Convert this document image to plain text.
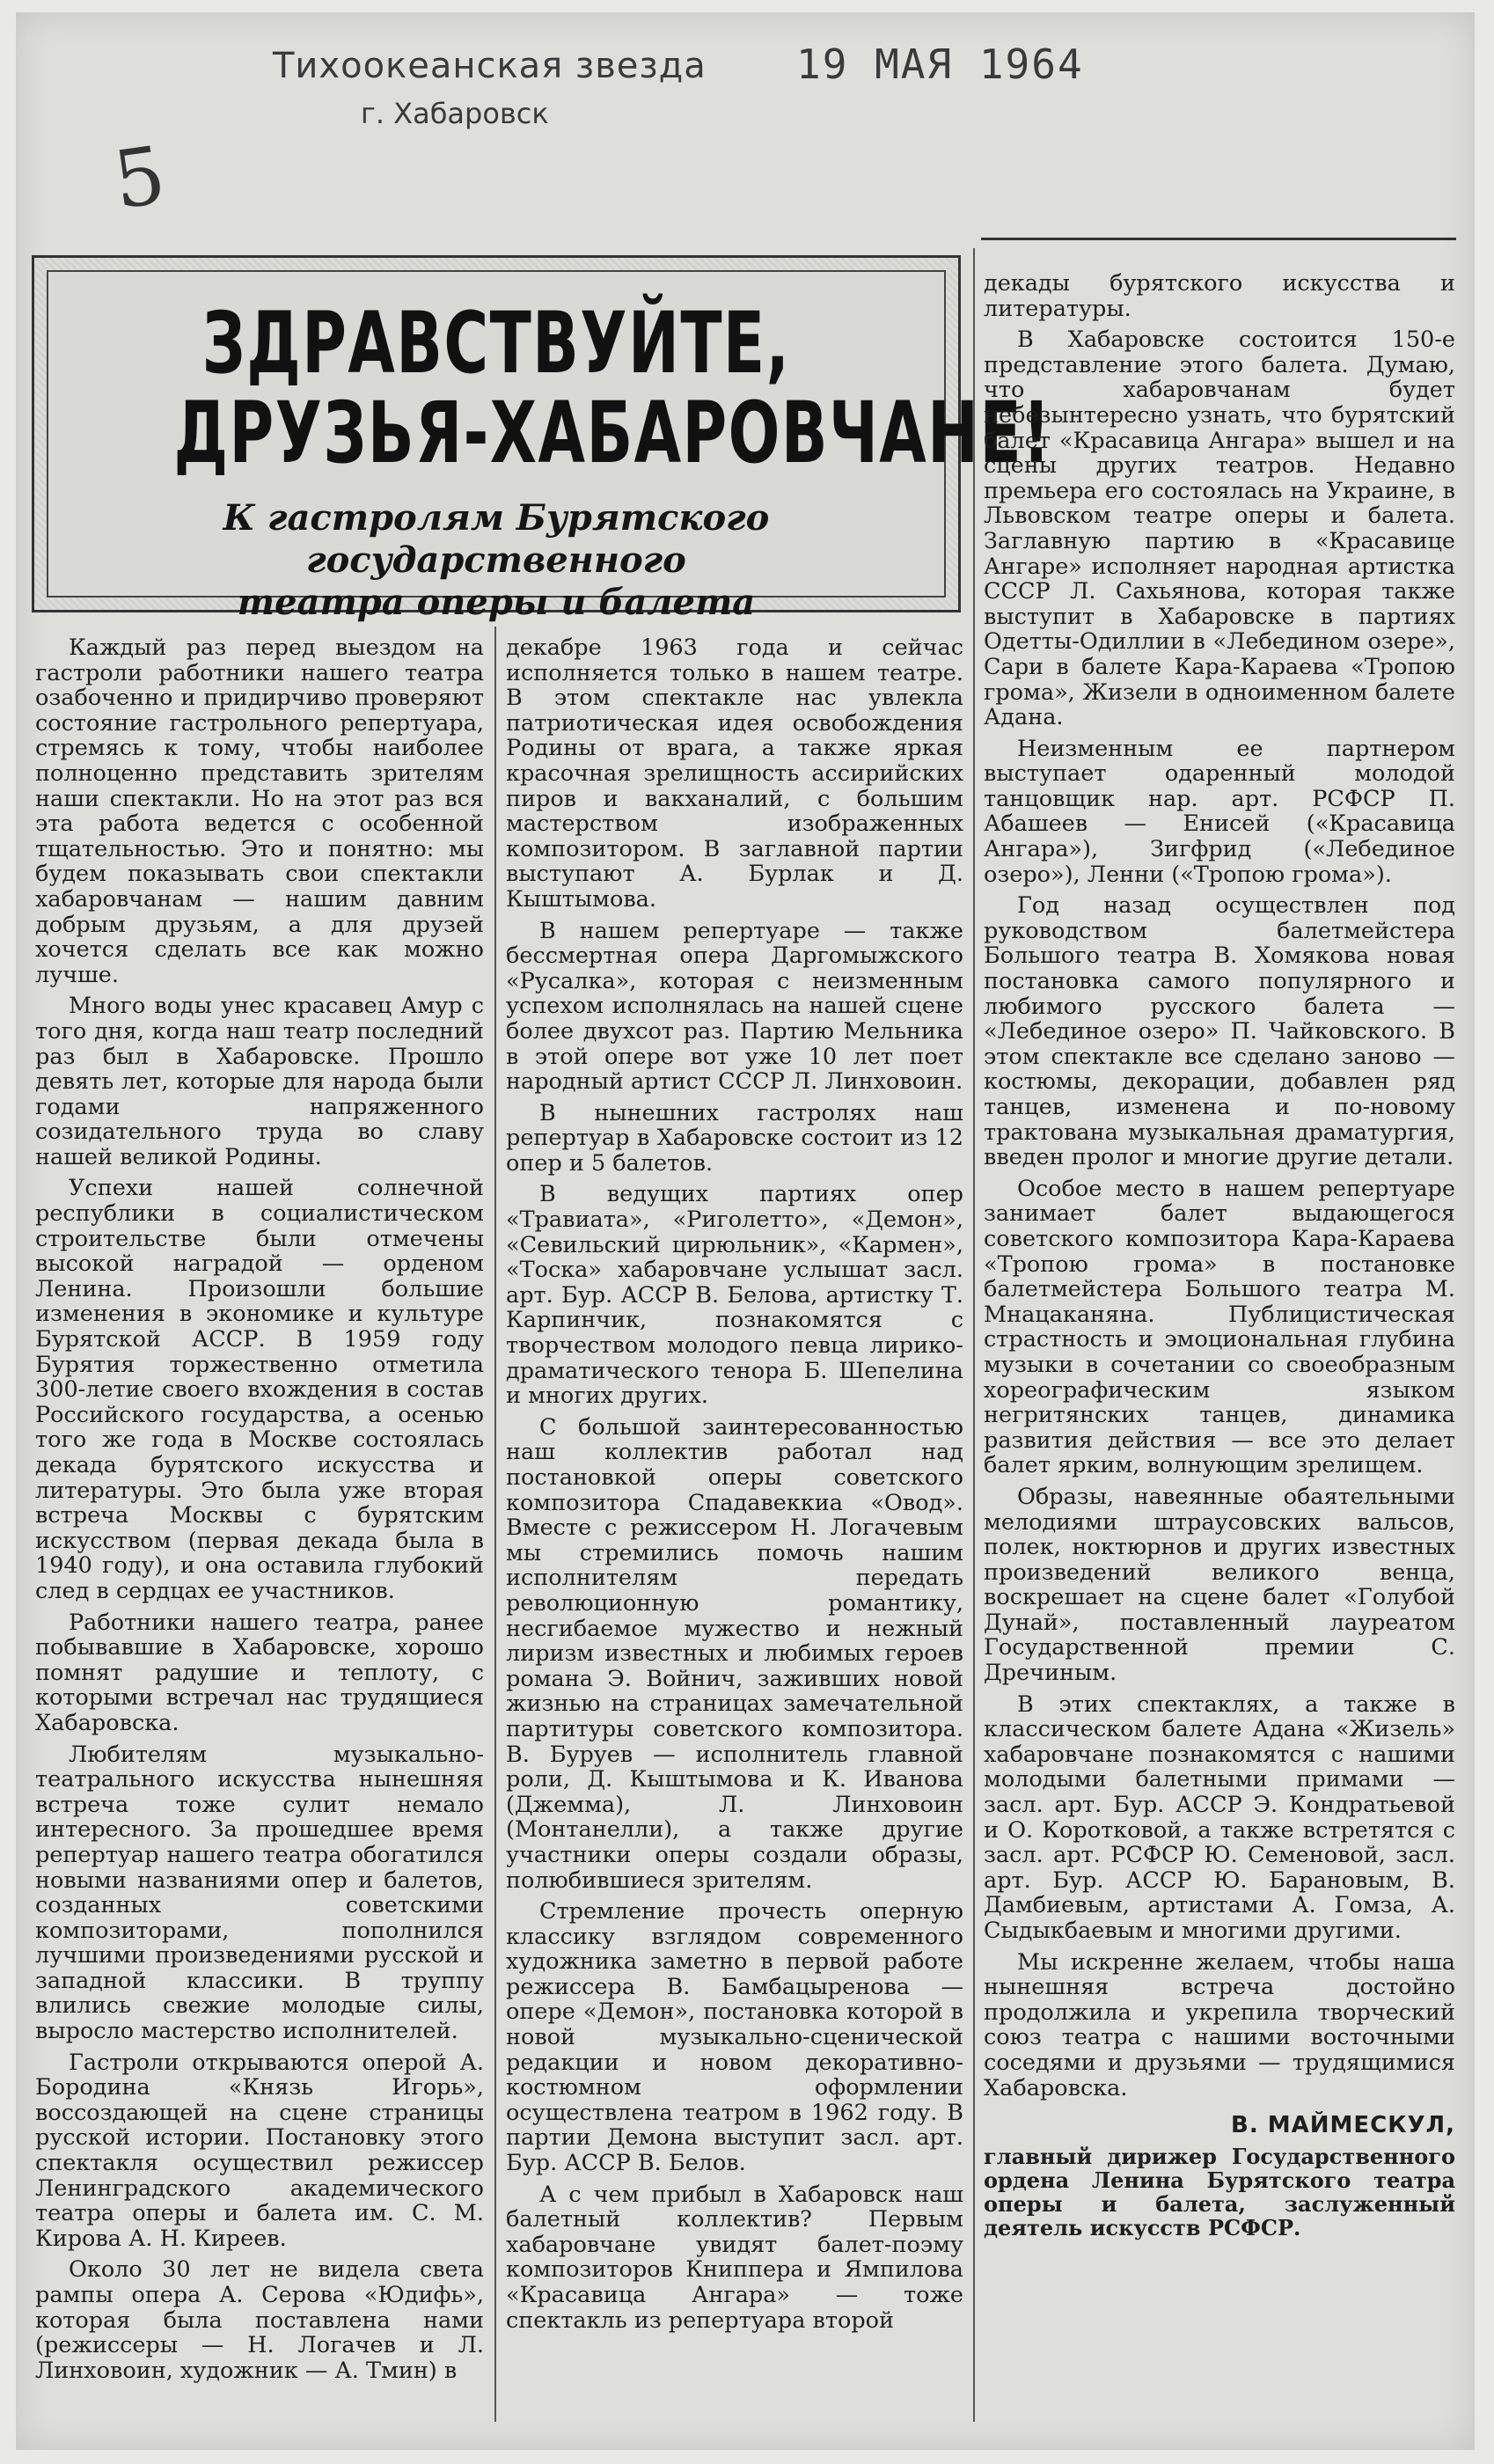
Тихоокеанская звезда
г. Хабаровск
19 МАЯ 1964
5
ЗДРАВСТВУЙТЕ,
ДРУЗЬЯ-ХАБАРОВЧАНЕ!
К гастролям Бурятского государственного
театра оперы и балета

Каждый раз перед выездом на гастроли работники нашего театра озабоченно и придирчиво проверяют состояние гастрольного репертуара, стремясь к тому, чтобы наиболее полноценно представить зрителям наши спектакли. Но на этот раз вся эта работа ведется с особенной тщательностью. Это и понятно: мы будем показывать свои спектакли хабаровчанам — нашим давним добрым друзьям, а для друзей хочется сделать все как можно лучше.

Много воды унес красавец Амур с того дня, когда наш театр последний раз был в Хабаровске. Прошло девять лет, которые для народа были годами напряженного созидательного труда во славу нашей великой Родины.

Успехи нашей солнечной республики в социалистическом строительстве были отмечены высокой наградой — орденом Ленина. Произошли большие изменения в экономике и культуре Бурятской АССР. В 1959 году Бурятия торжественно отметила 300-летие своего вхождения в состав Российского государства, а осенью того же года в Москве состоялась декада бурятского искусства и литературы. Это была уже вторая встреча Москвы с бурятским искусством (первая декада была в 1940 году), и она оставила глубокий след в сердцах ее участников.

Работники нашего театра, ранее побывавшие в Хабаровске, хорошо помнят радушие и теплоту, с которыми встречал нас трудящиеся Хабаровска.

Любителям музыкально-театрального искусства нынешняя встреча тоже сулит немало интересного. За прошедшее время репертуар нашего театра обогатился новыми названиями опер и балетов, созданных советскими композиторами, пополнился лучшими произведениями русской и западной классики. В труппу влились свежие молодые силы, выросло мастерство исполнителей.

Гастроли открываются оперой А. Бородина «Князь Игорь», воссоздающей на сцене страницы русской истории. Постановку этого спектакля осуществил режиссер Ленинградского академического театра оперы и балета им. С. М. Кирова А. Н. Киреев.

Около 30 лет не видела света рампы опера А. Серова «Юдифь», которая была поставлена нами (режиссеры — Н. Логачев и Л. Линховоин, художник — А. Тмин) в

декабре 1963 года и сейчас исполняется только в нашем театре. В этом спектакле нас увлекла патриотическая идея освобождения Родины от врага, а также яркая красочная зрелищность ассирийских пиров и вакханалий, с большим мастерством изображенных композитором. В заглавной партии выступают А. Бурлак и Д. Кыштымова.

В нашем репертуаре — также бессмертная опера Даргомыжского «Русалка», которая с неизменным успехом исполнялась на нашей сцене более двухсот раз. Партию Мельника в этой опере вот уже 10 лет поет народный артист СССР Л. Линховоин.

В нынешних гастролях наш репертуар в Хабаровске состоит из 12 опер и 5 балетов.

В ведущих партиях опер «Травиата», «Риголетто», «Демон», «Севильский цирюльник», «Кармен», «Тоска» хабаровчане услышат засл. арт. Бур. АССР В. Белова, артистку Т. Карпинчик, познакомятся с творчеством молодого певца лирико-драматического тенора Б. Шепелина и многих других.

С большой заинтересованностью наш коллектив работал над постановкой оперы советского композитора Спадавеккиа «Овод». Вместе с режиссером Н. Логачевым мы стремились помочь нашим исполнителям передать революционную романтику, несгибаемое мужество и нежный лиризм известных и любимых героев романа Э. Войнич, заживших новой жизнью на страницах замечательной партитуры советского композитора. В. Буруев — исполнитель главной роли, Д. Кыштымова и К. Иванова (Джемма), Л. Линховоин (Монтанелли), а также другие участники оперы создали образы, полюбившиеся зрителям.

Стремление прочесть оперную классику взглядом современного художника заметно в первой работе режиссера В. Бамбацыренова — опере «Демон», постановка которой в новой музыкально-сценической редакции и новом декоративно-костюмном оформлении осуществлена театром в 1962 году. В партии Демона выступит засл. арт. Бур. АССР В. Белов.

А с чем прибыл в Хабаровск наш балетный коллектив? Первым хабаровчане увидят балет-поэму композиторов Книппера и Ямпилова «Красавица Ангара» — тоже спектакль из репертуара второй

декады бурятского искусства и литературы.

В Хабаровске состоится 150-е представление этого балета. Думаю, что хабаровчанам будет небезынтересно узнать, что бурятский балет «Красавица Ангара» вышел и на сцены других театров. Недавно премьера его состоялась на Украине, в Львовском театре оперы и балета. Заглавную партию в «Красавице Ангаре» исполняет народная артистка СССР Л. Сахьянова, которая также выступит в Хабаровске в партиях Одетты-Одиллии в «Лебедином озере», Сари в балете Кара-Караева «Тропою грома», Жизели в одноименном балете Адана.

Неизменным ее партнером выступает одаренный молодой танцовщик нар. арт. РСФСР П. Абашеев — Енисей («Красавица Ангара»), Зигфрид («Лебединое озеро»), Ленни («Тропою грома»).

Год назад осуществлен под руководством балетмейстера Большого театра В. Хомякова новая постановка самого популярного и любимого русского балета — «Лебединое озеро» П. Чайковского. В этом спектакле все сделано заново — костюмы, декорации, добавлен ряд танцев, изменена и по-новому трактована музыкальная драматургия, введен пролог и многие другие детали.

Особое место в нашем репертуаре занимает балет выдающегося советского композитора Кара-Караева «Тропою грома» в постановке балетмейстера Большого театра М. Мнацаканяна. Публицистическая страстность и эмоциональная глубина музыки в сочетании со своеобразным хореографическим языком негритянских танцев, динамика развития действия — все это делает балет ярким, волнующим зрелищем.

Образы, навеянные обаятельными мелодиями штраусовских вальсов, полек, ноктюрнов и других известных произведений великого венца, воскрешает на сцене балет «Голубой Дунай», поставленный лауреатом Государственной премии С. Дречиным.

В этих спектаклях, а также в классическом балете Адана «Жизель» хабаровчане познакомятся с нашими молодыми балетными примами — засл. арт. Бур. АССР Э. Кондратьевой и О. Коротковой, а также встретятся с засл. арт. РСФСР Ю. Семеновой, засл. арт. Бур. АССР Ю. Барановым, В. Дамбиевым, артистами А. Гомза, А. Сыдыкбаевым и многими другими.

Мы искренне желаем, чтобы наша нынешняя встреча достойно продолжила и укрепила творческий союз театра с нашими восточными соседями и друзьями — трудящимися Хабаровска.

В. МАЙМЕСКУЛ,

главный дирижер Государственного ордена Ленина Бурятского театра оперы и балета, заслуженный деятель искусств РСФСР.
